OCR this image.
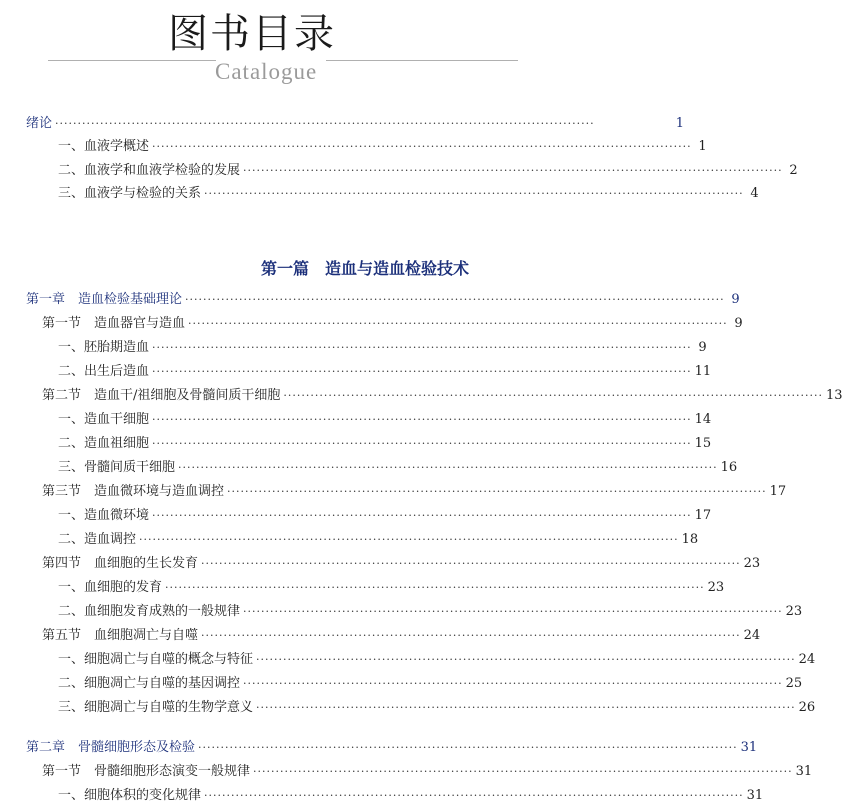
图书目录
Catalogue
第一篇　造血与造血检验技术
绪论 ························································································································	1
一、血液学概述 ························································································································ 1
二、血液学和血液学检验的发展 ························································································································ 2
三、血液学与检验的关系 ························································································································ 4
第一章　造血检验基础理论 ························································································································ 9
第一节　造血器官与造血 ························································································································ 9
一、胚胎期造血 ························································································································ 9
二、出生后造血 ························································································································ 11
第二节　造血干/祖细胞及骨髓间质干细胞 ························································································································ 13
一、造血干细胞 ························································································································ 14
二、造血祖细胞 ························································································································ 15
三、骨髓间质干细胞 ························································································································ 16
第三节　造血微环境与造血调控 ························································································································ 17
一、造血微环境 ························································································································ 17
二、造血调控 ························································································································ 18
第四节　血细胞的生长发育 ························································································································ 23
一、血细胞的发育 ························································································································ 23
二、血细胞发育成熟的一般规律 ························································································································ 23
第五节　血细胞凋亡与自噬 ························································································································ 24
一、细胞凋亡与自噬的概念与特征 ························································································································ 24
二、细胞凋亡与自噬的基因调控 ························································································································ 25
三、细胞凋亡与自噬的生物学意义 ························································································································ 26
第二章　骨髓细胞形态及检验 ························································································································ 31
第一节　骨髓细胞形态演变一般规律 ························································································································ 31
一、细胞体积的变化规律 ························································································································ 31
